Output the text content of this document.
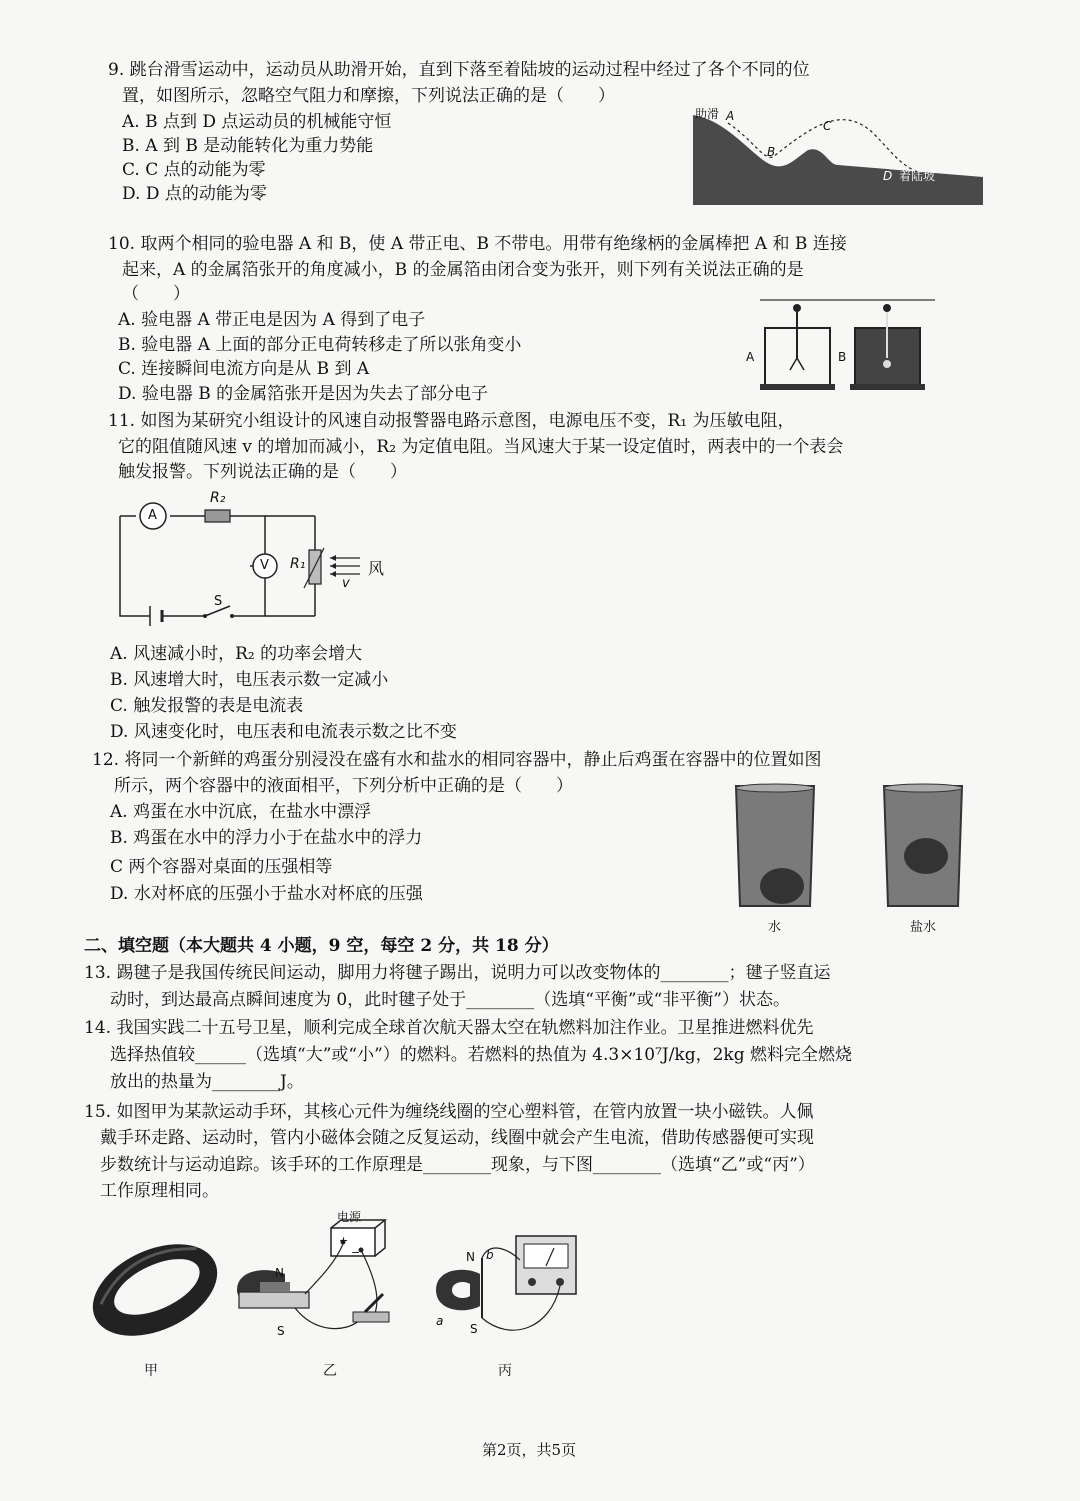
9. 跳台滑雪运动中，运动员从助滑开始，直到下落至着陆坡的运动过程中经过了各个不同的位
置，如图所示，忽略空气阻力和摩擦，下列说法正确的是（　　）
A. B 点到 D 点运动员的机械能守恒
B. A 到 B 是动能转化为重力势能
C. C 点的动能为零
D. D 点的动能为零
助滑 A
B
C
D 着陆坡
10. 取两个相同的验电器 A 和 B，使 A 带正电、B 不带电。用带有绝缘柄的金属棒把 A 和 B 连接
起来，A 的金属箔张开的角度减小，B 的金属箔由闭合变为张开，则下列有关说法正确的是
（　　）
A. 验电器 A 带正电是因为 A 得到了电子
B. 验电器 A 上面的部分正电荷转移走了所以张角变小
C. 连接瞬间电流方向是从 B 到 A
D. 验电器 B 的金属箔张开是因为失去了部分电子
A	B
11. 如图为某研究小组设计的风速自动报警器电路示意图，电源电压不变，R₁ 为压敏电阻，
它的阻值随风速 v 的增加而减小，R₂ 为定值电阻。当风速大于某一设定值时，两表中的一个表会
触发报警。下列说法正确的是（　　）
A
V
R₂
R₁	风
v
S
A. 风速减小时，R₂ 的功率会增大
B. 风速增大时，电压表示数一定减小
C. 触发报警的表是电流表
D. 风速变化时，电压表和电流表示数之比不变
12. 将同一个新鲜的鸡蛋分别浸没在盛有水和盐水的相同容器中，静止后鸡蛋在容器中的位置如图
所示，两个容器中的液面相平，下列分析中正确的是（　　）
A. 鸡蛋在水中沉底，在盐水中漂浮
B. 鸡蛋在水中的浮力小于在盐水中的浮力
C 两个容器对桌面的压强相等
D. 水对杯底的压强小于盐水对杯底的压强
水	盐水
二、填空题（本大题共 4 小题，9 空，每空 2 分，共 18 分）
13. 踢毽子是我国传统民间运动，脚用力将毽子踢出，说明力可以改变物体的________；毽子竖直运
动时，到达最高点瞬间速度为 0，此时毽子处于________（选填“平衡”或“非平衡”）状态。
14. 我国实践二十五号卫星，顺利完成全球首次航天器太空在轨燃料加注作业。卫星推进燃料优先
选择热值较______（选填“大”或“小”）的燃料。若燃料的热值为 4.3×10⁷J/kg，2kg 燃料完全燃烧
放出的热量为________J。
15. 如图甲为某款运动手环，其核心元件为缠绕线圈的空心塑料管，在管内放置一块小磁铁。人佩
戴手环走路、运动时，管内小磁体会随之反复运动，线圈中就会产生电流，借助传感器便可实现
步数统计与运动追踪。该手环的工作原理是________现象，与下图________（选填“乙”或“丙”）
工作原理相同。
甲
电源
+
−
N
S
乙
N b
a
S
丙
第2页，共5页
